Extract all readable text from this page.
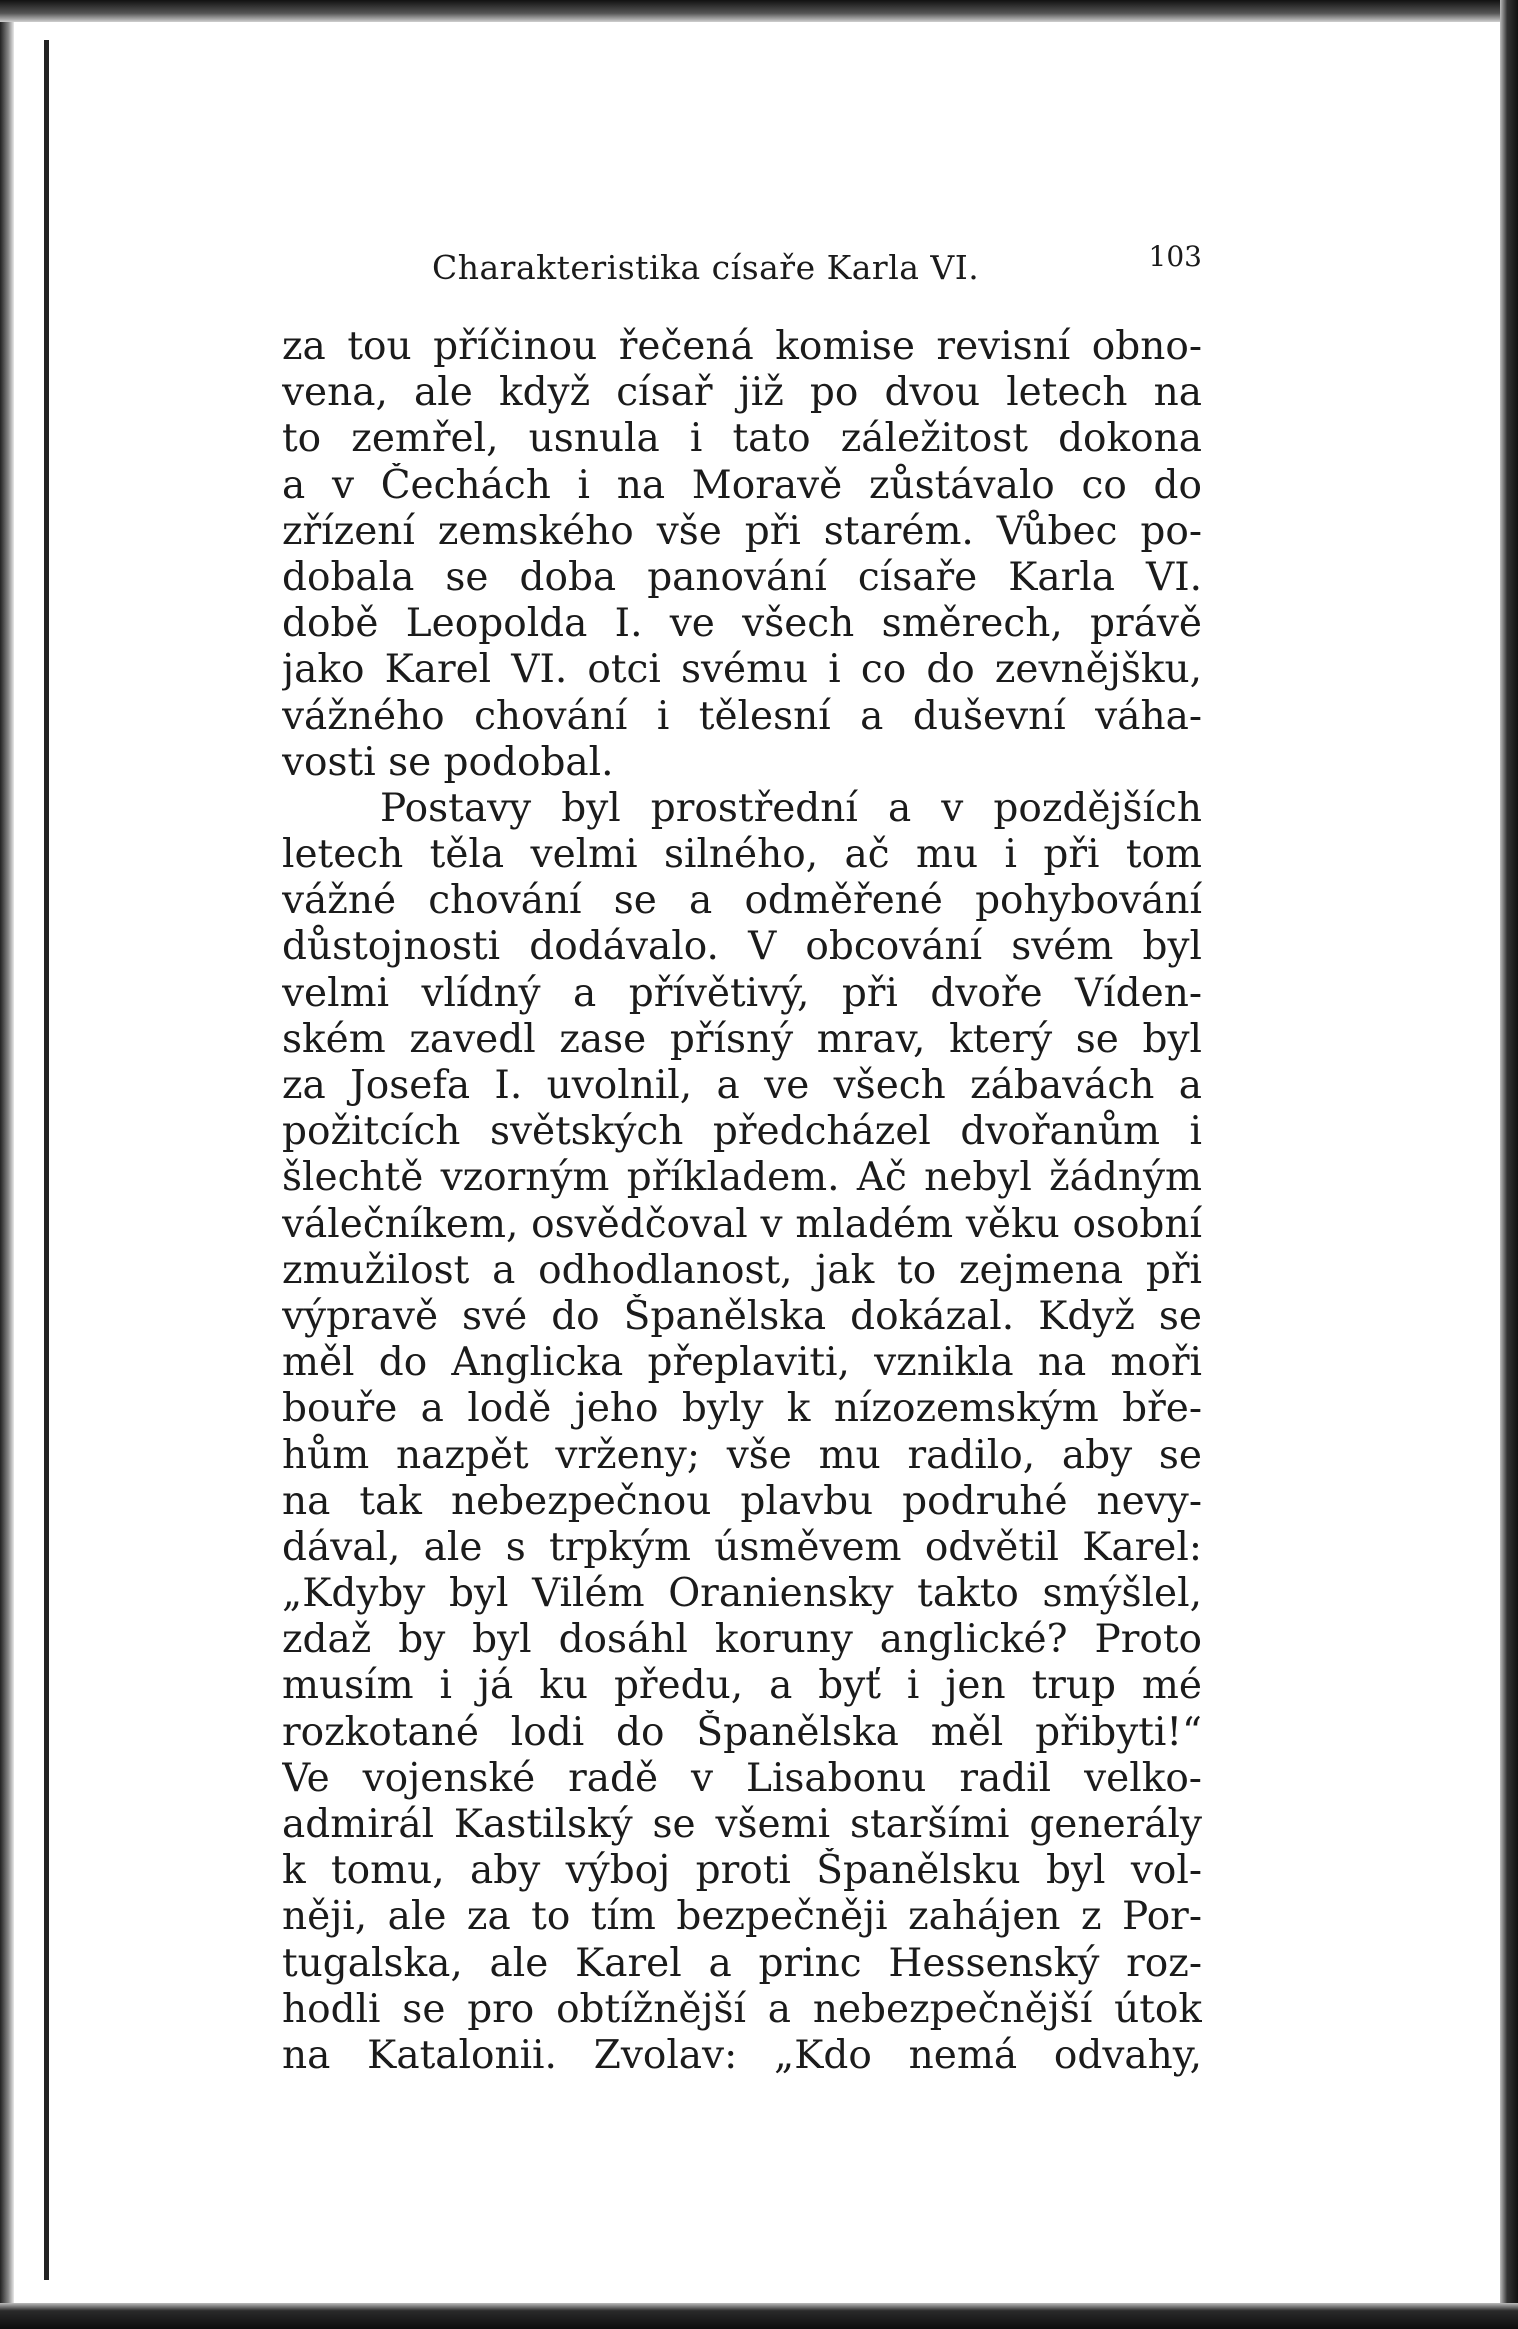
Charakteristika císaře Karla VI.	103
za tou příčinou řečená komise revisní obno-
vena, ale když císař již po dvou letech na
to zemřel, usnula i tato záležitost dokona
a v Čechách i na Moravě zůstávalo co do
zřízení zemského vše při starém. Vůbec po-
dobala se doba panování císaře Karla VI.
době Leopolda I. ve všech směrech, právě
jako Karel VI. otci svému i co do zevnějšku,
vážného chování i tělesní a duševní váha-
vosti se podobal.
Postavy byl prostřední a v pozdějších
letech těla velmi silného, ač mu i při tom
vážné chování se a odměřené pohybování
důstojnosti dodávalo. V obcování svém byl
velmi vlídný a přívětivý, při dvoře Víden-
ském zavedl zase přísný mrav, který se byl
za Josefa I. uvolnil, a ve všech zábavách a
požitcích světských předcházel dvořanům i
šlechtě vzorným příkladem. Ač nebyl žádným
válečníkem, osvědčoval v mladém věku osobní
zmužilost a odhodlanost, jak to zejmena při
výpravě své do Španělska dokázal. Když se
měl do Anglicka přeplaviti, vznikla na moři
bouře a lodě jeho byly k nízozemským bře-
hům nazpět vrženy; vše mu radilo, aby se
na tak nebezpečnou plavbu podruhé nevy-
dával, ale s trpkým úsměvem odvětil Karel:
„Kdyby byl Vilém Oraniensky takto smýšlel,
zdaž by byl dosáhl koruny anglické? Proto
musím i já ku předu, a byť i jen trup mé
rozkotané lodi do Španělska měl přibyti!“
Ve vojenské radě v Lisabonu radil velko-
admirál Kastilský se všemi staršími generály
k tomu, aby výboj proti Španělsku byl vol-
něji, ale za to tím bezpečněji zahájen z Por-
tugalska, ale Karel a princ Hessenský roz-
hodli se pro obtížnější a nebezpečnější útok
na Katalonii. Zvolav: „Kdo nemá odvahy,
